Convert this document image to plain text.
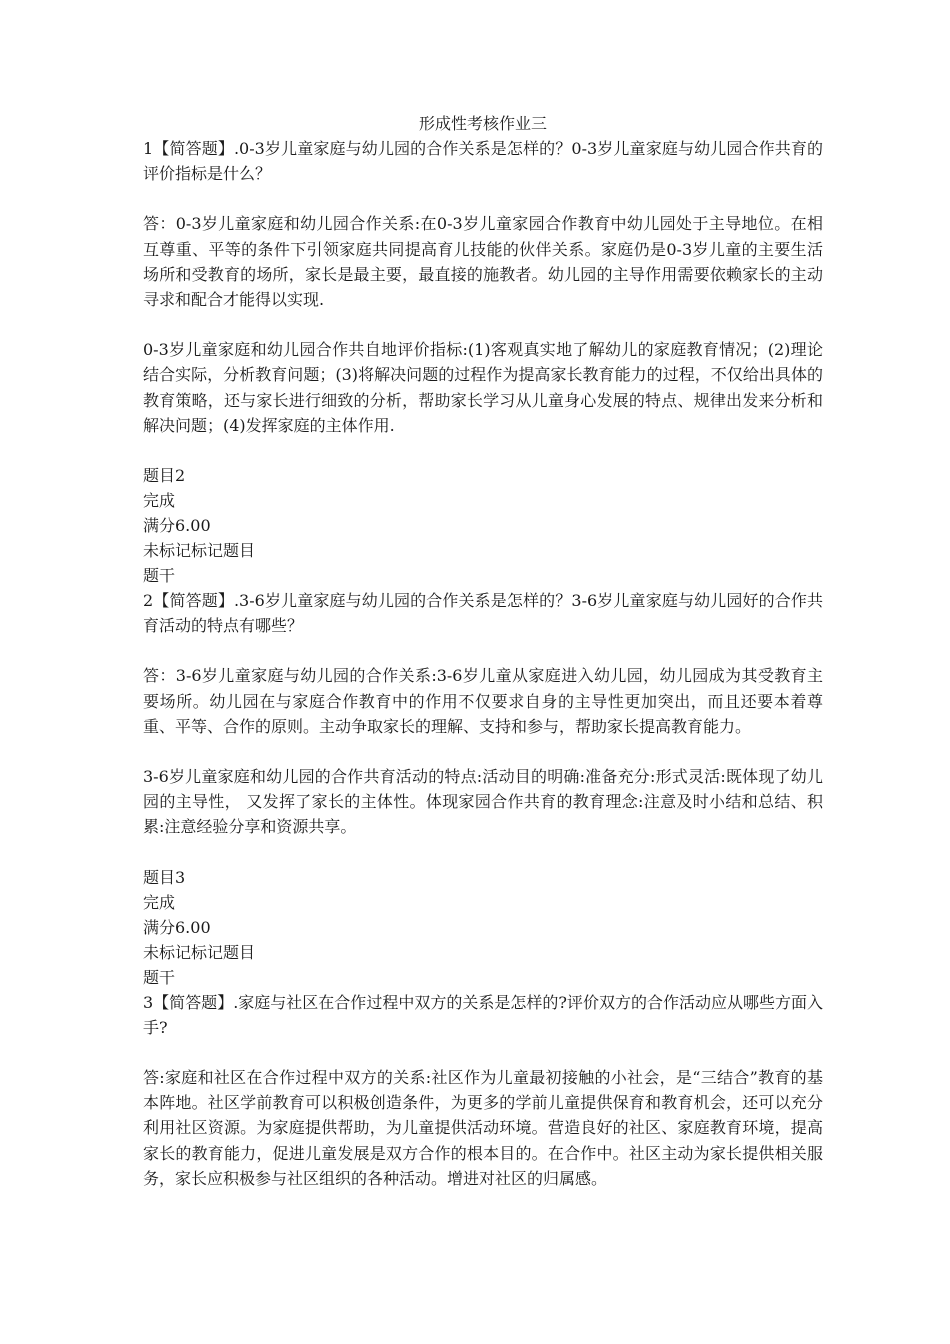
形成性考核作业三
1【简答题】.0-3岁儿童家庭与幼儿园的合作关系是怎样的？0-3岁儿童家庭与幼儿园合作共育的评价指标是什么？
答：0-3岁儿童家庭和幼儿园合作关系:在0-3岁儿童家园合作教育中幼儿园处于主导地位。在相互尊重、平等的条件下引领家庭共同提高育儿技能的伙伴关系。家庭仍是0-3岁儿童的主要生活场所和受教育的场所，家长是最主要，最直接的施教者。幼儿园的主导作用需要依赖家长的主动寻求和配合才能得以实现.
0-3岁儿童家庭和幼儿园合作共自地评价指标:(1)客观真实地了解幼儿的家庭教育情况；(2)理论结合实际，分析教育问题；(3)将解决问题的过程作为提高家长教育能力的过程，不仅给出具体的教育策略，还与家长进行细致的分析，帮助家长学习从儿童身心发展的特点、规律出发来分析和解决问题；(4)发挥家庭的主体作用.
题目2
完成
满分6.00
未标记标记题目
题干
2【简答题】.3-6岁儿童家庭与幼儿园的合作关系是怎样的？3-6岁儿童家庭与幼儿园好的合作共育活动的特点有哪些？
答：3-6岁儿童家庭与幼儿园的合作关系:3-6岁儿童从家庭进入幼儿园，幼儿园成为其受教育主要场所。幼儿园在与家庭合作教育中的作用不仅要求自身的主导性更加突出，而且还要本着尊重、平等、合作的原则。主动争取家长的理解、支持和参与，帮助家长提高教育能力。
3-6岁儿童家庭和幼儿园的合作共育活动的特点:活动目的明确:准备充分:形式灵活:既体现了幼儿园的主导性， 又发挥了家长的主体性。体现家园合作共育的教育理念:注意及时小结和总结、积累:注意经验分享和资源共享。
题目3
完成
满分6.00
未标记标记题目
题干
3【简答题】.家庭与社区在合作过程中双方的关系是怎样的?评价双方的合作活动应从哪些方面入手?
答:家庭和社区在合作过程中双方的关系:社区作为儿童最初接触的小社会，是“三结合”教育的基本阵地。社区学前教育可以积极创造条件，为更多的学前儿童提供保育和教育机会，还可以充分利用社区资源。为家庭提供帮助，为儿童提供活动环境。营造良好的社区、家庭教育环境，提高家长的教育能力，促进儿童发展是双方合作的根本目的。在合作中。社区主动为家长提供相关服务，家长应积极参与社区组织的各种活动。增进对社区的归属感。
